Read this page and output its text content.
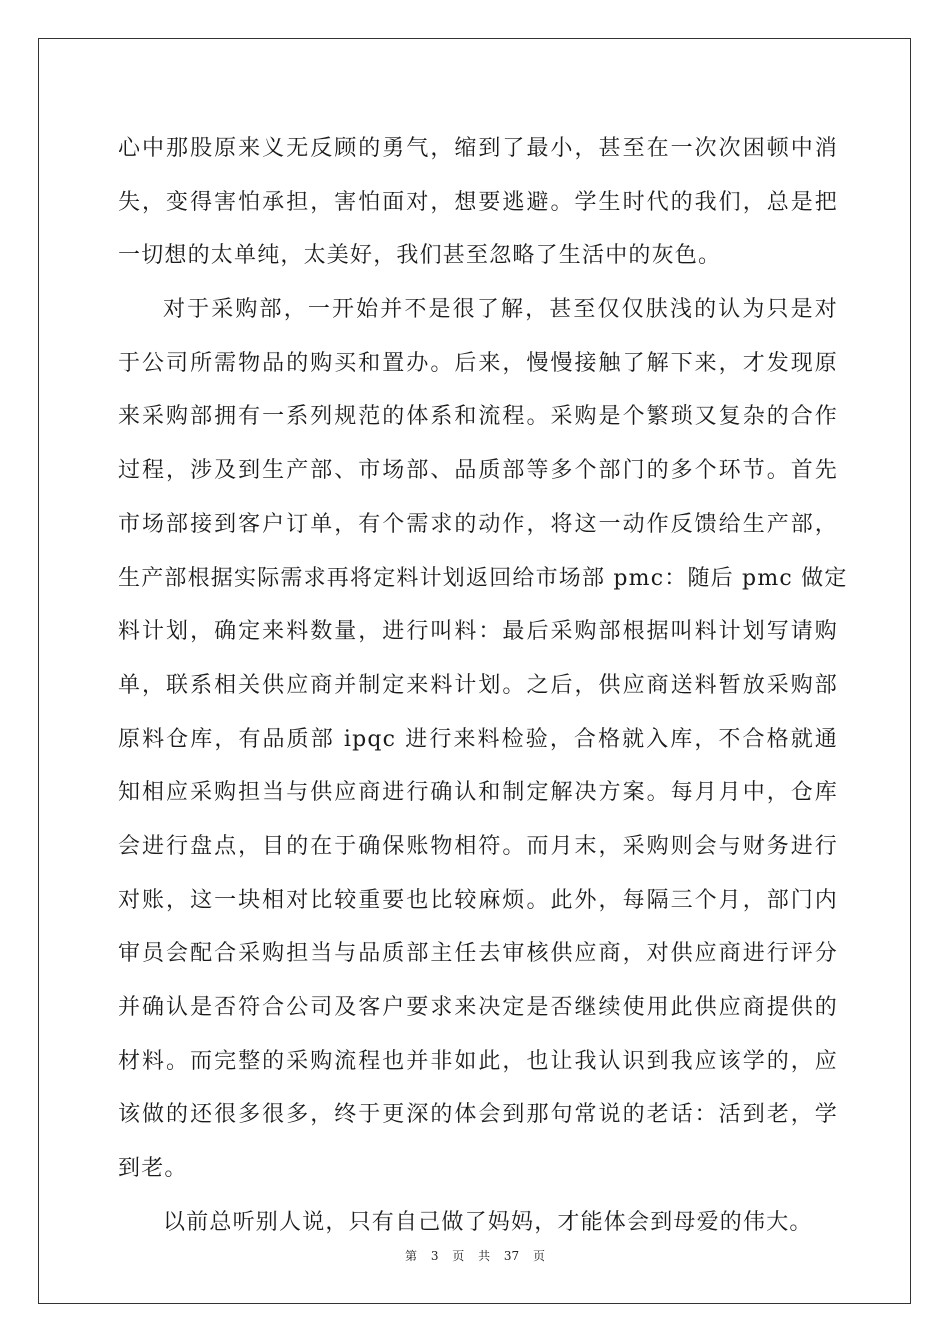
心中那股原来义无反顾的勇气，缩到了最小，甚至在一次次困顿中消
失，变得害怕承担，害怕面对，想要逃避。学生时代的我们，总是把
一切想的太单纯，太美好，我们甚至忽略了生活中的灰色。
对于采购部，一开始并不是很了解，甚至仅仅肤浅的认为只是对
于公司所需物品的购买和置办。后来，慢慢接触了解下来，才发现原
来采购部拥有一系列规范的体系和流程。采购是个繁琐又复杂的合作
过程，涉及到生产部、市场部、品质部等多个部门的多个环节。首先
市场部接到客户订单，有个需求的动作，将这一动作反馈给生产部，
生产部根据实际需求再将定料计划返回给市场部 pmc：随后 pmc 做定
料计划，确定来料数量，进行叫料：最后采购部根据叫料计划写请购
单，联系相关供应商并制定来料计划。之后，供应商送料暂放采购部
原料仓库，有品质部 ipqc 进行来料检验，合格就入库，不合格就通
知相应采购担当与供应商进行确认和制定解决方案。每月月中，仓库
会进行盘点，目的在于确保账物相符。而月末，采购则会与财务进行
对账，这一块相对比较重要也比较麻烦。此外，每隔三个月，部门内
审员会配合采购担当与品质部主任去审核供应商，对供应商进行评分
并确认是否符合公司及客户要求来决定是否继续使用此供应商提供的
材料。而完整的采购流程也并非如此，也让我认识到我应该学的，应
该做的还很多很多，终于更深的体会到那句常说的老话：活到老，学
到老。
以前总听别人说，只有自己做了妈妈，才能体会到母爱的伟大。
第 3 页 共 37 页
